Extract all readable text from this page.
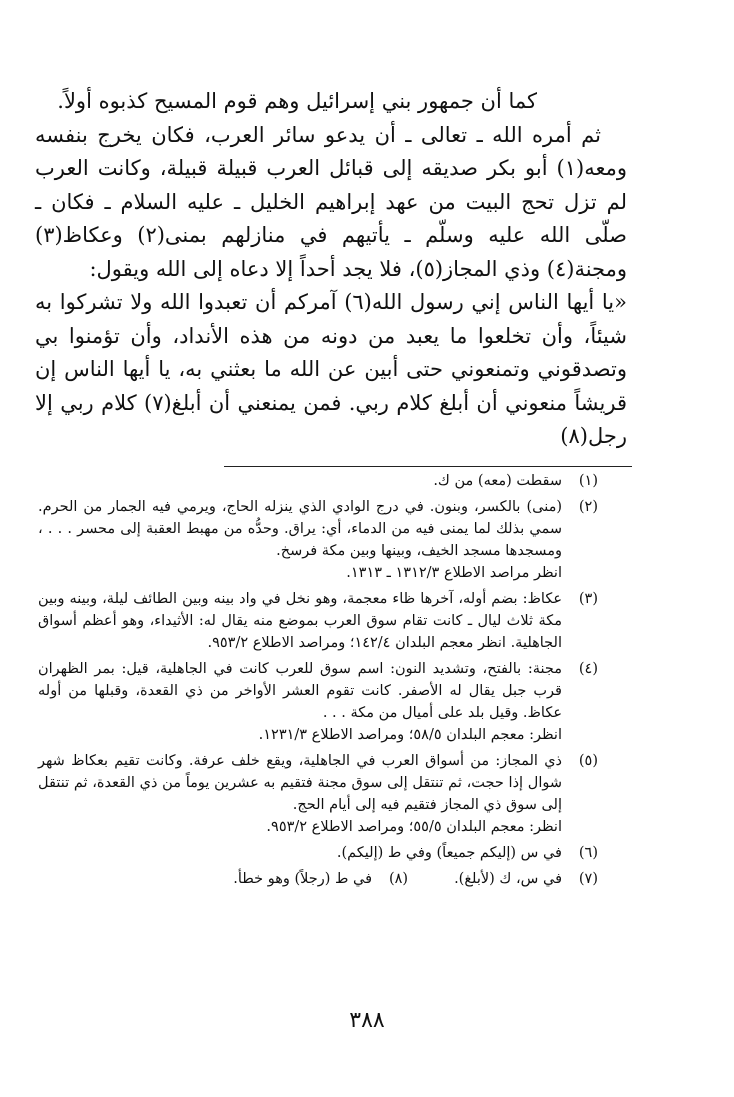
كما أن جمهور بني إسرائيل وهم قوم المسيح كذبوه أولاً.

ثم أمره الله ـ تعالى ـ أن يدعو سائر العرب، فكان يخرج بنفسه ومعه(١) أبو بكر صديقه إلى قبائل العرب قبيلة قبيلة، وكانت العرب لم تزل تحج البيت من عهد إبراهيم الخليل ـ عليه السلام ـ فكان ـ صلّى الله عليه وسلّم ـ يأتيهم في منازلهم بمنى(٢) وعكاظ(٣) ومجنة(٤) وذي المجاز(٥)، فلا يجد أحداً إلا دعاه إلى الله ويقول:

«يا أيها الناس إني رسول الله(٦) آمركم أن تعبدوا الله ولا تشركوا به شيئاً، وأن تخلعوا ما يعبد من دونه من هذه الأنداد، وأن تؤمنوا بي وتصدقوني وتمنعوني حتى أبين عن الله ما بعثني به، يا أيها الناس إن قريشاً منعوني أن أبلغ كلام ربي. فمن يمنعني أن أبلغ(٧) كلام ربي إلا رجل(٨)

(١)
سقطت (معه) من ك.
(٢)
(منى) بالكسر، وبنون. في درج الوادي الذي ينزله الحاج، ويرمي فيه الجمار من الحرم. سمي بذلك لما يمنى فيه من الدماء، أي: يراق. وحدُّه من مهبط العقبة إلى محسر . . . ، ومسجدها مسجد الخيف، وبينها وبين مكة فرسخ.
انظر مراصد الاطلاع ١٣١٢/٣ ـ ١٣١٣.
(٣)
عكاظ: بضم أوله، آخرها ظاء معجمة، وهو نخل في واد بينه وبين الطائف ليلة، وبينه وبين مكة ثلاث ليال ـ كانت تقام سوق العرب بموضع منه يقال له: الأثيداء، وهو أعظم أسواق الجاهلية. انظر معجم البلدان ١٤٢/٤؛ ومراصد الاطلاع ٩٥٣/٢.
(٤)
مجنة: بالفتح، وتشديد النون: اسم سوق للعرب كانت في الجاهلية، قيل: بمر الظهران قرب جبل يقال له الأصفر. كانت تقوم العشر الأواخر من ذي القعدة، وقبلها من أوله عكاظ. وقيل بلد على أميال من مكة . . .
انظر: معجم البلدان ٥٨/٥؛ ومراصد الاطلاع ١٢٣١/٣.
(٥)
ذي المجاز: من أسواق العرب في الجاهلية، ويقع خلف عرفة. وكانت تقيم بعكاظ شهر شوال إذا حجت، ثم تنتقل إلى سوق مجنة فتقيم به عشرين يوماً من ذي القعدة، ثم تنتقل إلى سوق ذي المجاز فتقيم فيه إلى أيام الحج.
انظر: معجم البلدان ٥٥/٥؛ ومراصد الاطلاع ٩٥٣/٢.
(٦)
في س (إليكم جميعاً) وفي ط (إليكم).
(٧)
في س، ك (لأبلغ).
(٨)
في ط (رجلاً) وهو خطأ.
٣٨٨
